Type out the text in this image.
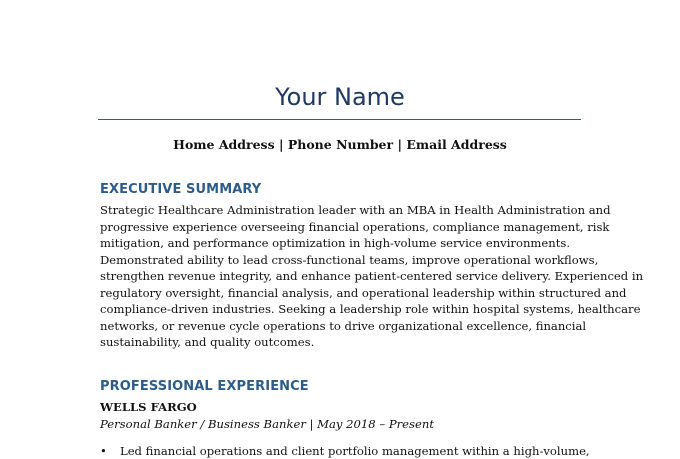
Your Name
Home Address | Phone Number | Email Address
EXECUTIVE SUMMARY
Strategic Healthcare Administration leader with an MBA in Health Administration and
progressive experience overseeing financial operations, compliance management, risk
mitigation, and performance optimization in high-volume service environments.
Demonstrated ability to lead cross-functional teams, improve operational workflows,
strengthen revenue integrity, and enhance patient-centered service delivery. Experienced in
regulatory oversight, financial analysis, and operational leadership within structured and
compliance-driven industries. Seeking a leadership role within hospital systems, healthcare
networks, or revenue cycle operations to drive organizational excellence, financial
sustainability, and quality outcomes.
PROFESSIONAL EXPERIENCE
WELLS FARGO
Personal Banker / Business Banker | May 2018 – Present
• Led financial operations and client portfolio management within a high-volume,
